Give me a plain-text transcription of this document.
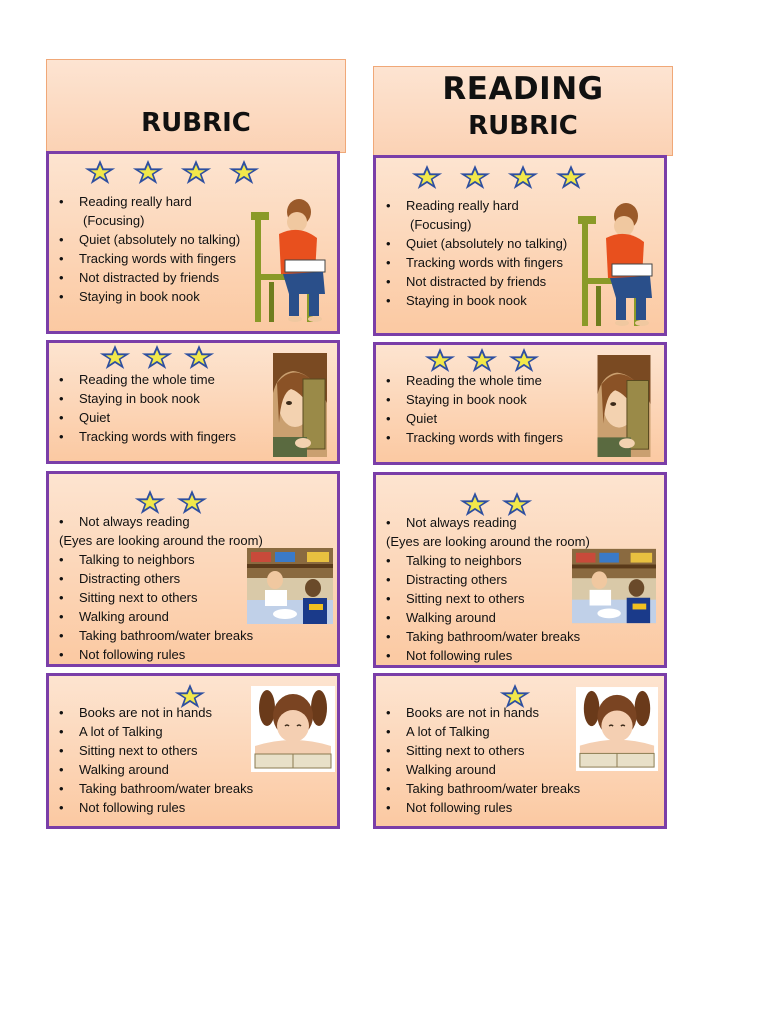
RUBRIC
• Reading really hard
(Focusing)
• Quiet (absolutely no talking)
• Tracking words with fingers
• Not distracted by friends
• Staying in book nook
• Reading the whole time
• Staying in book nook
• Quiet
• Tracking words with fingers
• Not always reading
(Eyes are looking around the room)
• Talking to neighbors
• Distracting others
• Sitting next to others
• Walking around
• Taking bathroom/water breaks
• Not following rules
• Books are not in hands
• A lot of Talking
• Sitting next to others
• Walking around
• Taking bathroom/water breaks
• Not following rules
READING
RUBRIC
• Reading really hard
(Focusing)
• Quiet (absolutely no talking)
• Tracking words with fingers
• Not distracted by friends
• Staying in book nook
• Reading the whole time
• Staying in book nook
• Quiet
• Tracking words with fingers
• Not always reading
(Eyes are looking around the room)
• Talking to neighbors
• Distracting others
• Sitting next to others
• Walking around
• Taking bathroom/water breaks
• Not following rules
• Books are not in hands
• A lot of Talking
• Sitting next to others
• Walking around
• Taking bathroom/water breaks
• Not following rules
